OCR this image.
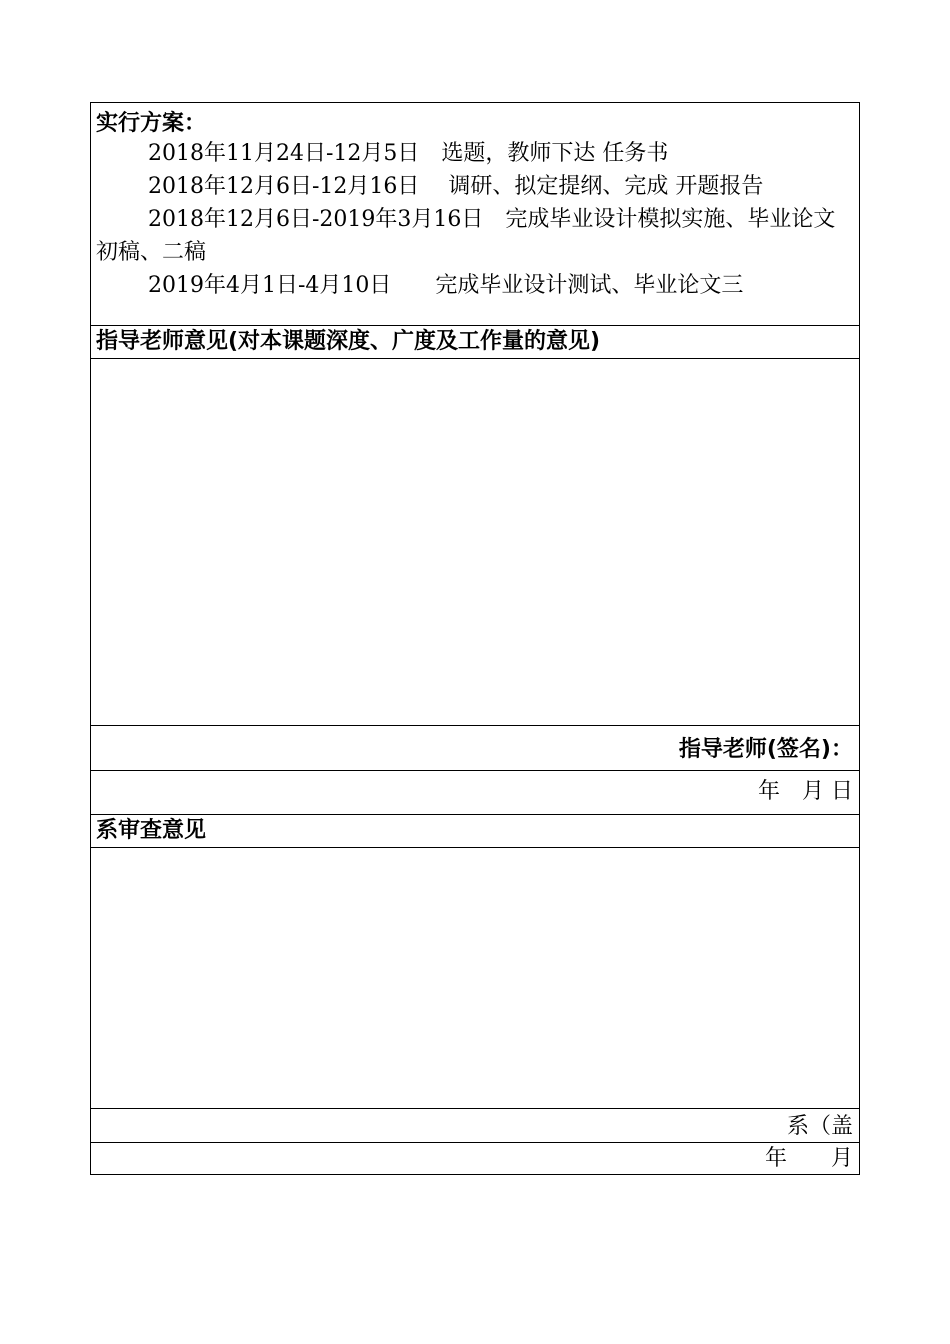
实行方案：

2018年11月24日-12月5日　选题，教师下达 任务书

2018年12月6日-12月16日　 调研、拟定提纲、完成 开题报告

2018年12月6日-2019年3月16日　完成毕业设计模拟实施、毕业论文初稿、二稿

2019年4月1日-4月10日　　完成毕业设计测试、毕业论文三

指导老师意见(对本课题深度、广度及工作量的意见)
指导老师(签名)：
年　月 日
系审查意见
系（盖
年　　月
